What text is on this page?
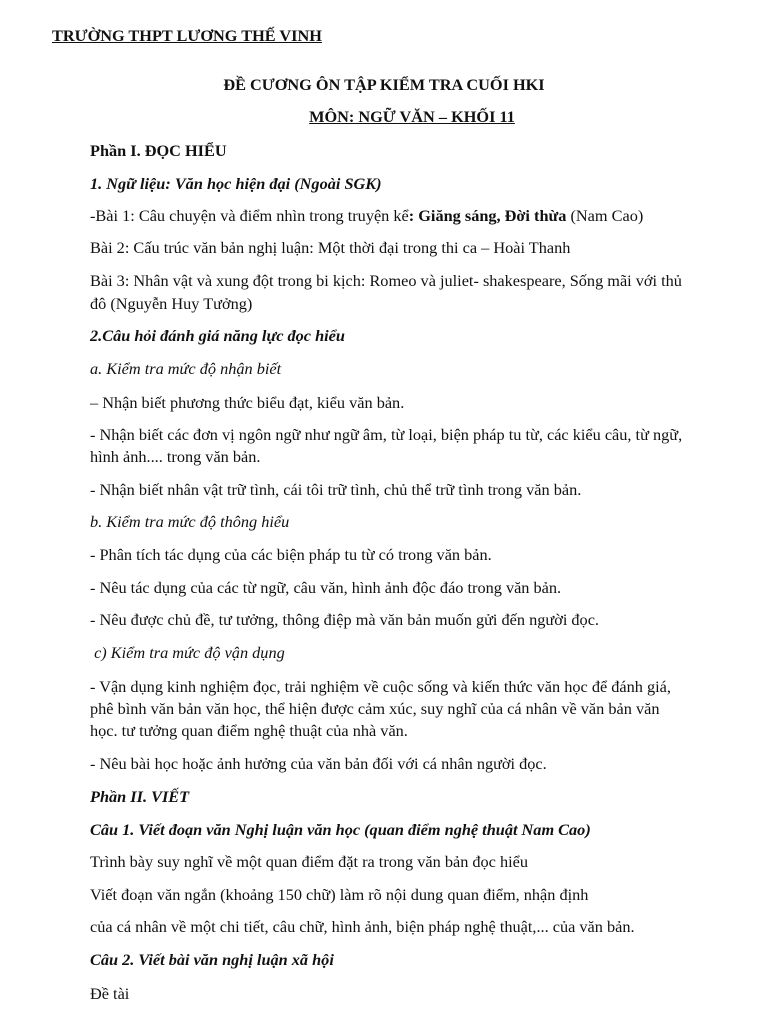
TRƯỜNG THPT LƯƠNG THẾ VINH
ĐỀ CƯƠNG ÔN TẬP KIỂM TRA CUỐI HKI
MÔN: NGỮ VĂN – KHỐI 11
Phần I. ĐỌC HIỂU
1. Ngữ liệu: Văn học hiện đại (Ngoài SGK)
-Bài 1: Câu chuyện và điểm nhìn trong truyện kể: Giăng sáng, Đời thừa (Nam Cao)
Bài 2: Cấu trúc văn bản nghị luận: Một thời đại trong thi ca – Hoài Thanh
Bài 3: Nhân vật và xung đột trong bi kịch: Romeo và juliet- shakespeare, Sống mãi với thủ
đô (Nguyễn Huy Tưởng)
2.Câu hỏi đánh giá năng lực đọc hiểu
a. Kiểm tra mức độ nhận biết
– Nhận biết phương thức biểu đạt, kiểu văn bản.
- Nhận biết các đơn vị ngôn ngữ như ngữ âm, từ loại, biện pháp tu từ, các kiểu câu, từ ngữ,
hình ảnh.... trong văn bản.
- Nhận biết nhân vật trữ tình, cái tôi trữ tình, chủ thể trữ tình trong văn bản.
b. Kiểm tra mức độ thông hiểu
- Phân tích tác dụng của các biện pháp tu từ có trong văn bản.
- Nêu tác dụng của các từ ngữ, câu văn, hình ảnh độc đáo trong văn bản.
- Nêu được chủ đề, tư tưởng, thông điệp mà văn bản muốn gửi đến người đọc.
c) Kiểm tra mức độ vận dụng
- Vận dụng kinh nghiệm đọc, trải nghiệm về cuộc sống và kiến thức văn học để đánh giá,
phê bình văn bản văn học, thể hiện được cảm xúc, suy nghĩ của cá nhân về văn bản văn
học. tư tưởng quan điểm nghệ thuật của nhà văn.
- Nêu bài học hoặc ảnh hưởng của văn bản đối với cá nhân người đọc.
Phần II. VIẾT
Câu 1. Viết đoạn văn Nghị luận văn học (quan điểm nghệ thuật Nam Cao)
Trình bày suy nghĩ về một quan điểm đặt ra trong văn bản đọc hiểu
Viết đoạn văn ngắn (khoảng 150 chữ) làm rõ nội dung quan điểm, nhận định
của cá nhân về một chi tiết, câu chữ, hình ảnh, biện pháp nghệ thuật,... của văn bản.
Câu 2. Viết bài văn nghị luận xã hội
Đề tài
